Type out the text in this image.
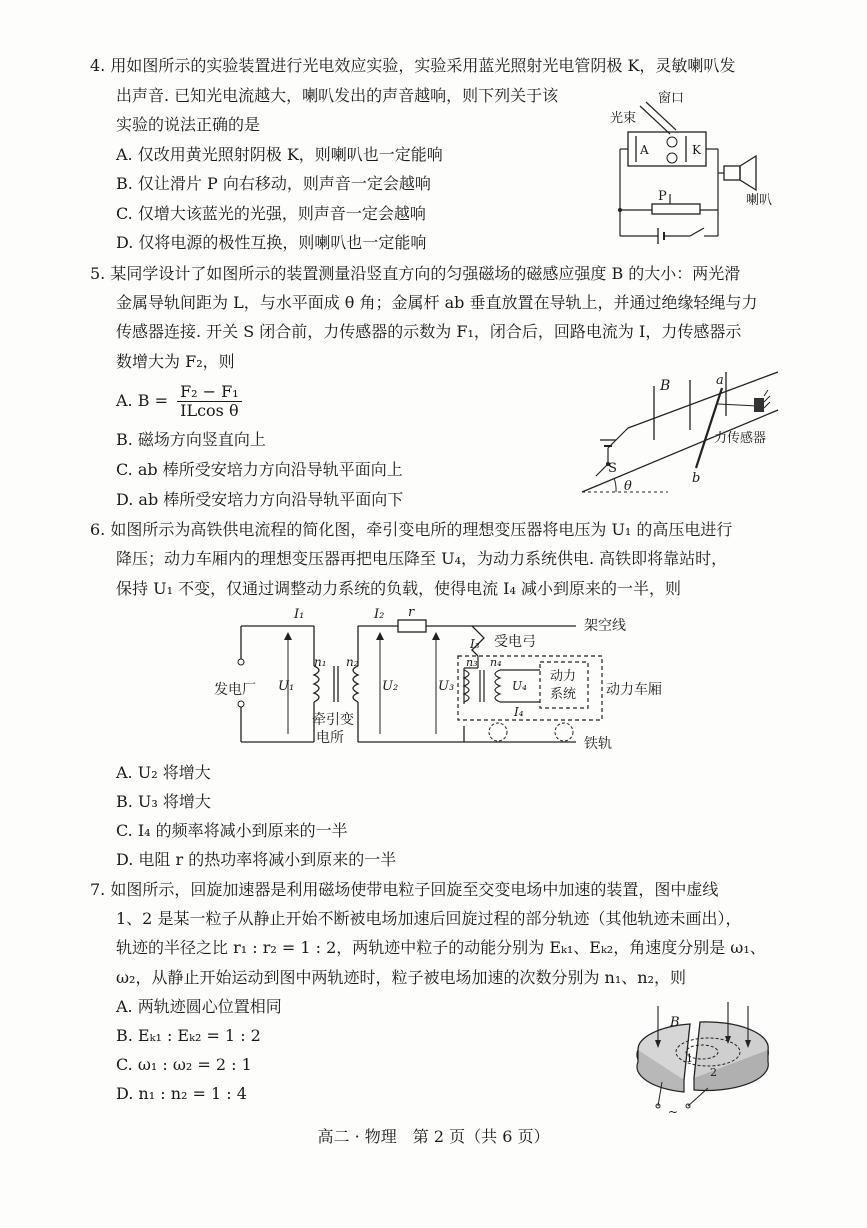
4. 用如图所示的实验装置进行光电效应实验，实验采用蓝光照射光电管阴极 K，灵敏喇叭发
出声音. 已知光电流越大，喇叭发出的声音越响，则下列关于该
实验的说法正确的是
A. 仅改用黄光照射阴极 K，则喇叭也一定能响
B. 仅让滑片 P 向右移动，则声音一定会越响
C. 仅增大该蓝光的光强，则声音一定会越响
D. 仅将电源的极性互换，则喇叭也一定能响
窗口
光束
A	K
喇叭
P
5. 某同学设计了如图所示的装置测量沿竖直方向的匀强磁场的磁感应强度 B 的大小：两光滑
金属导轨间距为 L，与水平面成 θ 角；金属杆 ab 垂直放置在导轨上，并通过绝缘轻绳与力
传感器连接. 开关 S 闭合前，力传感器的示数为 F₁，闭合后，回路电流为 I，力传感器示
数增大为 F₂，则
A. $B = \frac{\text{F₂ − F₁}}{\text{ILcos θ}}$
B. 磁场方向竖直向上
C. ab 棒所受安培力方向沿导轨平面向上
D. ab 棒所受安培力方向沿导轨平面向下
S
B	a
b
力传感器
θ
6. 如图所示为高铁供电流程的简化图，牵引变电所的理想变压器将电压为 U₁ 的高压电进行
降压；动力车厢内的理想变压器再把电压降至 U₄，为动力系统供电. 高铁即将靠站时，
保持 U₁ 不变，仅通过调整动力系统的负载，使得电流 I₄ 减小到原来的一半，则
发电厂
I₁
U₁
n₁ n₂
牵引变
电所
r
I₂
架空线
铁轨
U₂	U₃
I₃ 受电弓
动力车厢
n₃ n₄
U₄
动力
系统
I₄
A. U₂ 将增大
B. U₃ 将增大
C. I₄ 的频率将减小到原来的一半
D. 电阻 r 的热功率将减小到原来的一半
7. 如图所示，回旋加速器是利用磁场使带电粒子回旋至交变电场中加速的装置，图中虚线
1、2 是某一粒子从静止开始不断被电场加速后回旋过程的部分轨迹（其他轨迹未画出），
轨迹的半径之比 r₁ : r₂ = 1 : 2，两轨迹中粒子的动能分别为 Eₖ₁、Eₖ₂，角速度分别是 ω₁、
ω₂，从静止开始运动到图中两轨迹时，粒子被电场加速的次数分别为 n₁、n₂，则
A. 两轨迹圆心位置相同
B. Eₖ₁ : Eₖ₂ = 1 : 2
C. ω₁ : ω₂ = 2 : 1
D. n₁ : n₂ = 1 : 4
1
2
B
~
高二 · 物理　第 2 页（共 6 页）
